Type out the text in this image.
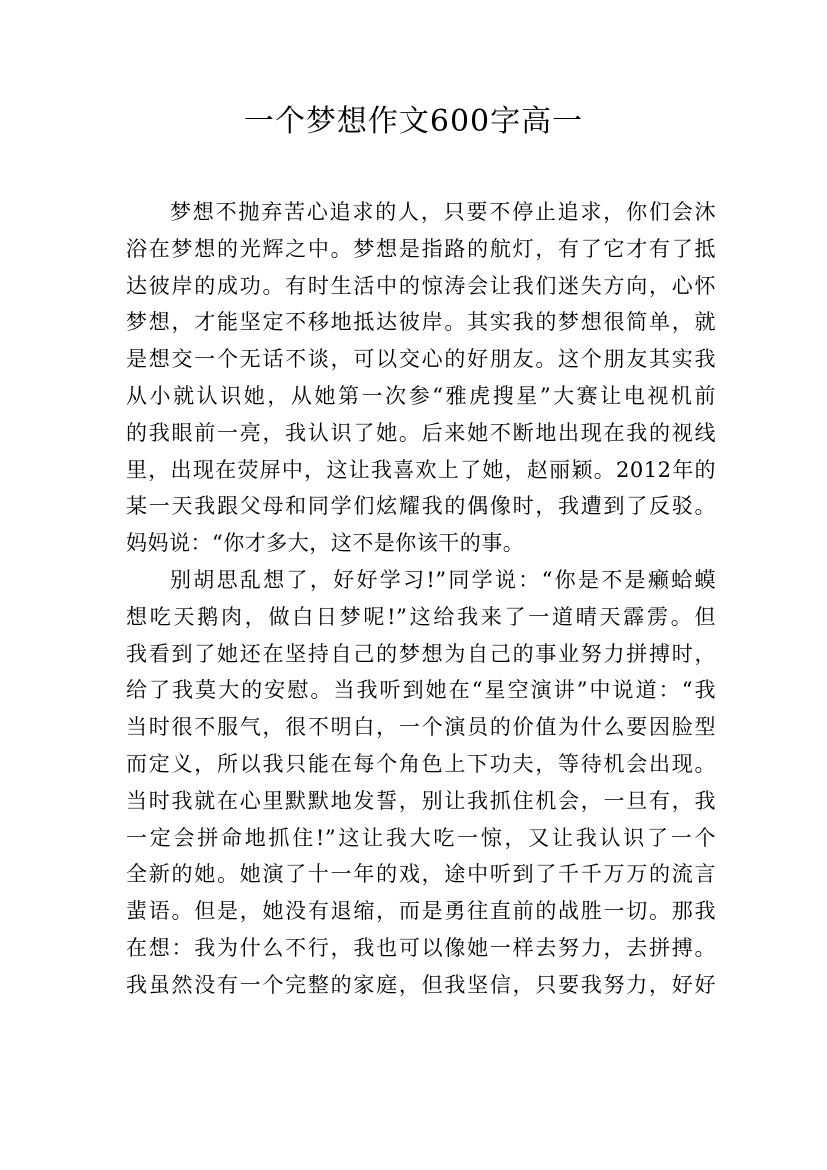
一个梦想作文600字高一
梦想不抛弃苦心追求的人，只要不停止追求，你们会沐
浴在梦想的光辉之中。梦想是指路的航灯，有了它才有了抵
达彼岸的成功。有时生活中的惊涛会让我们迷失方向，心怀
梦想，才能坚定不移地抵达彼岸。其实我的梦想很简单，就
是想交一个无话不谈，可以交心的好朋友。这个朋友其实我
从小就认识她，从她第一次参“雅虎搜星”大赛让电视机前
的我眼前一亮，我认识了她。后来她不断地出现在我的视线
里，出现在荧屏中，这让我喜欢上了她，赵丽颖。2012年的
某一天我跟父母和同学们炫耀我的偶像时，我遭到了反驳。
妈妈说：“你才多大，这不是你该干的事。
别胡思乱想了，好好学习!”同学说：“你是不是癞蛤蟆
想吃天鹅肉，做白日梦呢!”这给我来了一道晴天霹雳。但
我看到了她还在坚持自己的梦想为自己的事业努力拼搏时，
给了我莫大的安慰。当我听到她在“星空演讲”中说道：“我
当时很不服气，很不明白，一个演员的价值为什么要因脸型
而定义，所以我只能在每个角色上下功夫，等待机会出现。
当时我就在心里默默地发誓，别让我抓住机会，一旦有，我
一定会拼命地抓住!”这让我大吃一惊，又让我认识了一个
全新的她。她演了十一年的戏，途中听到了千千万万的流言
蜚语。但是，她没有退缩，而是勇往直前的战胜一切。那我
在想：我为什么不行，我也可以像她一样去努力，去拼搏。
我虽然没有一个完整的家庭，但我坚信，只要我努力，好好
